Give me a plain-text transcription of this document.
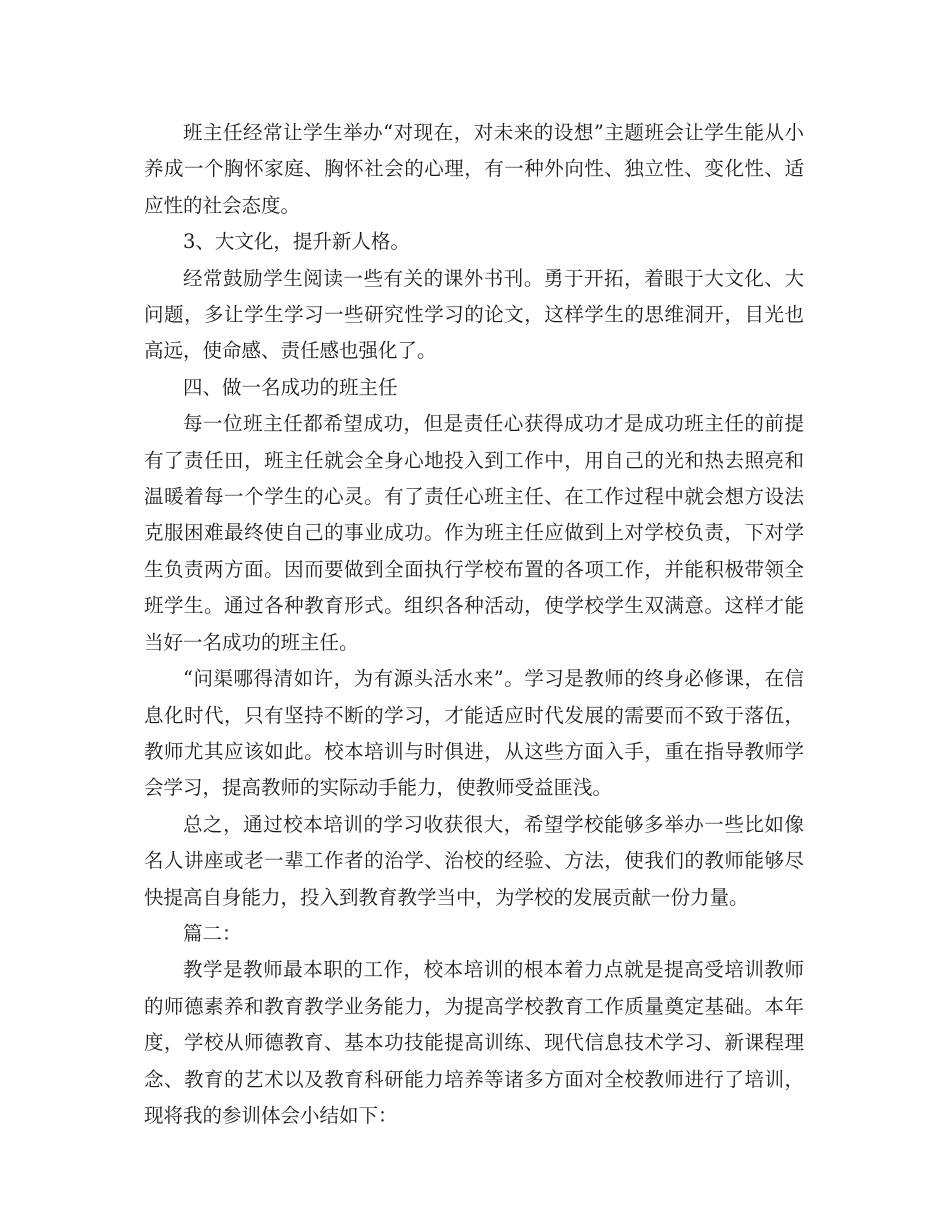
班主任经常让学生举办“对现在，对未来的设想”主题班会让学生能从小养成一个胸怀家庭、胸怀社会的心理，有一种外向性、独立性、变化性、适应性的社会态度。

3、大文化，提升新人格。

经常鼓励学生阅读一些有关的课外书刊。勇于开拓，着眼于大文化、大问题，多让学生学习一些研究性学习的论文，这样学生的思维洞开，目光也高远，使命感、责任感也强化了。

四、做一名成功的班主任

每一位班主任都希望成功，但是责任心获得成功才是成功班主任的前提有了责任田，班主任就会全身心地投入到工作中，用自己的光和热去照亮和温暖着每一个学生的心灵。有了责任心班主任、在工作过程中就会想方设法克服困难最终使自己的事业成功。作为班主任应做到上对学校负责，下对学生负责两方面。因而要做到全面执行学校布置的各项工作，并能积极带领全班学生。通过各种教育形式。组织各种活动，使学校学生双满意。这样才能当好一名成功的班主任。

“问渠哪得清如许，为有源头活水来”。学习是教师的终身必修课，在信息化时代，只有坚持不断的学习，才能适应时代发展的需要而不致于落伍，教师尤其应该如此。校本培训与时俱进，从这些方面入手，重在指导教师学会学习，提高教师的实际动手能力，使教师受益匪浅。

总之，通过校本培训的学习收获很大，希望学校能够多举办一些比如像名人讲座或老一辈工作者的治学、治校的经验、方法，使我们的教师能够尽快提高自身能力，投入到教育教学当中，为学校的发展贡献一份力量。

篇二：

教学是教师最本职的工作，校本培训的根本着力点就是提高受培训教师的师德素养和教育教学业务能力，为提高学校教育工作质量奠定基础。本年度，学校从师德教育、基本功技能提高训练、现代信息技术学习、新课程理念、教育的艺术以及教育科研能力培养等诸多方面对全校教师进行了培训，现将我的参训体会小结如下：
